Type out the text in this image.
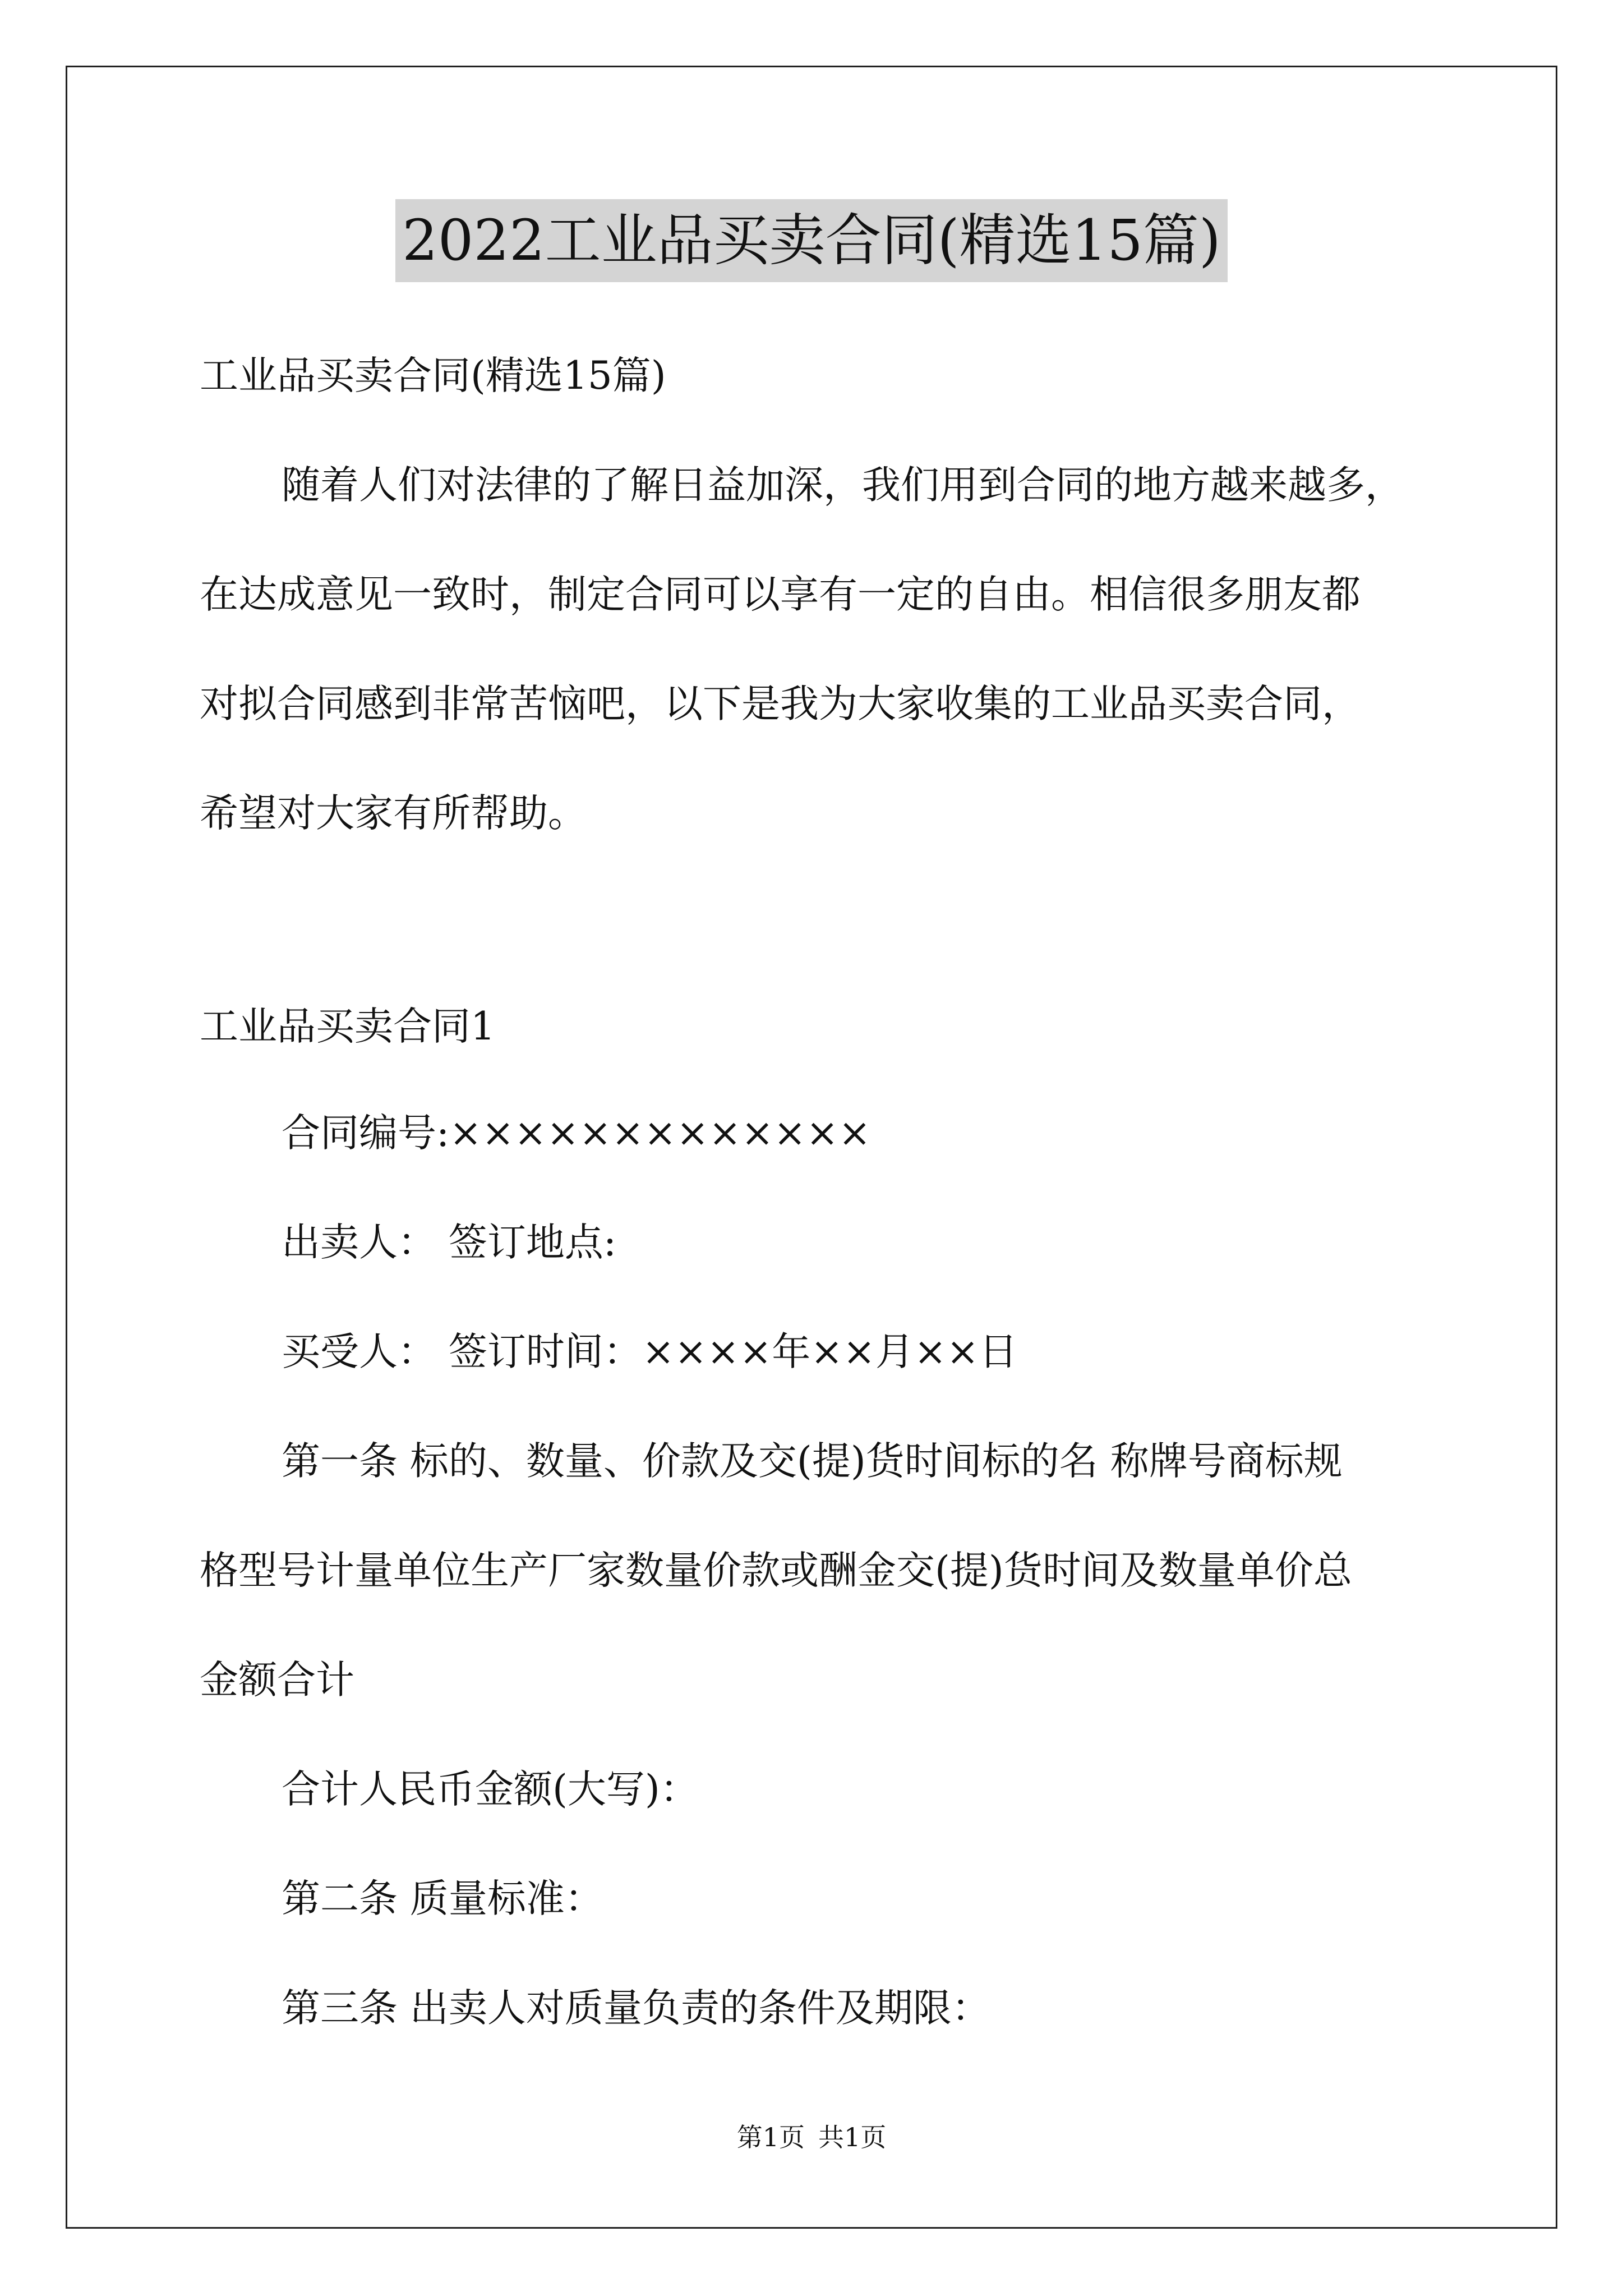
2022工业品买卖合同(精选15篇)
工业品买卖合同(精选15篇)
随着人们对法律的了解日益加深，我们用到合同的地方越来越多，
在达成意见一致时，制定合同可以享有一定的自由。相信很多朋友都
对拟合同感到非常苦恼吧，以下是我为大家收集的工业品买卖合同，
希望对大家有所帮助。
工业品买卖合同1
合同编号:×××××××××××××
出卖人： 签订地点:
买受人： 签订时间：××××年××月××日
第一条 标的、数量、价款及交(提)货时间标的名 称牌号商标规
格型号计量单位生产厂家数量价款或酬金交(提)货时间及数量单价总
金额合计
合计人民币金额(大写)：
第二条 质量标准：
第三条 出卖人对质量负责的条件及期限：
第1页 共1页
